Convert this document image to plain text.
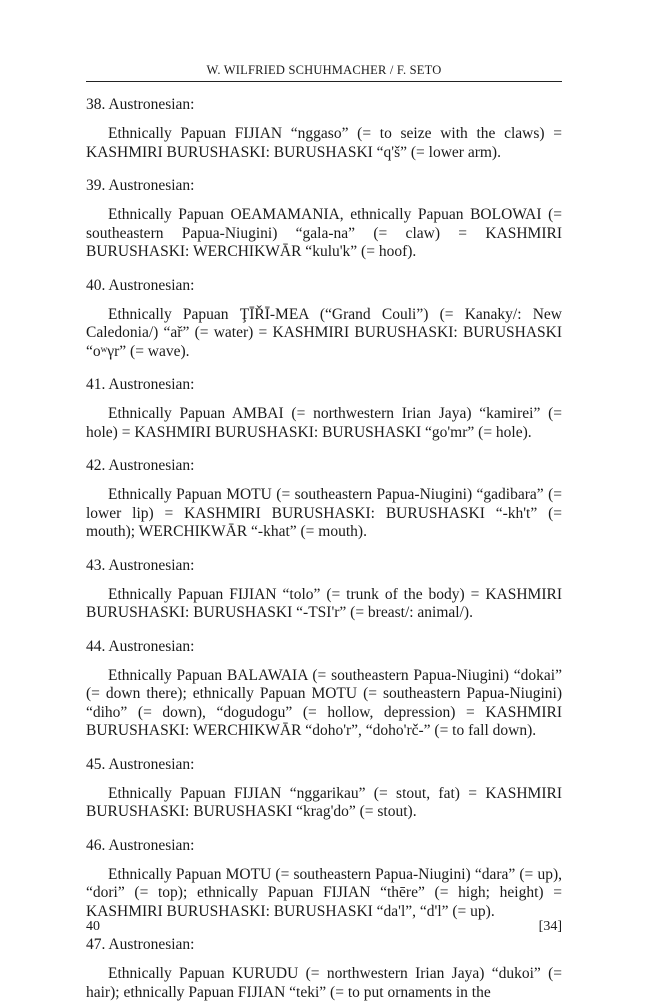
W. WILFRIED SCHUHMACHER / F. SETO
38. Austronesian:
Ethnically Papuan FIJIAN “nggaso” (= to seize with the claws) = KASHMIRI BURUSHASKI: BURUSHASKI “q'š” (= lower arm).
39. Austronesian:
Ethnically Papuan OEAMAMANIA, ethnically Papuan BOLOWAI (= southeastern Papua-Niugini) “gala-na” (= claw) = KASHMIRI BURUSHASKI: WERCHIKWĀR “kulu'k” (= hoof).
40. Austronesian:
Ethnically Papuan ŢĪŘĪ-MEA (“Grand Couli”) (= Kanaky/: New Caledonia/) “ař” (= water) = KASHMIRI BURUSHASKI: BURUSHASKI “oʷγr” (= wave).
41. Austronesian:
Ethnically Papuan AMBAI (= northwestern Irian Jaya) “kamirei” (= hole) = KASHMIRI BURUSHASKI: BURUSHASKI “go'mr” (= hole).
42. Austronesian:
Ethnically Papuan MOTU (= southeastern Papua-Niugini) “gadibara” (= lower lip) = KASHMIRI BURUSHASKI: BURUSHASKI “-kh't” (= mouth); WERCHIKWĀR “-khat” (= mouth).
43. Austronesian:
Ethnically Papuan FIJIAN “tolo” (= trunk of the body) = KASHMIRI BURUSHASKI: BURUSHASKI “-TSI'r” (= breast/: animal/).
44. Austronesian:
Ethnically Papuan BALAWAIA (= southeastern Papua-Niugini) “dokai” (= down there); ethnically Papuan MOTU (= southeastern Papua-Niugini) “diho” (= down), “dogudogu” (= hollow, depression) = KASHMIRI BURUSHASKI: WERCHIKWĀR “doho'r”, “doho'rč-” (= to fall down).
45. Austronesian:
Ethnically Papuan FIJIAN “nggarikau” (= stout, fat) = KASHMIRI BURUSHASKI: BURUSHASKI “krag'do” (= stout).
46. Austronesian:
Ethnically Papuan MOTU (= southeastern Papua-Niugini) “dara” (= up), “dori” (= top); ethnically Papuan FIJIAN “thēre” (= high; height) = KASHMIRI BURUSHASKI: BURUSHASKI “da'l”, “d'l” (= up).
47. Austronesian:
Ethnically Papuan KURUDU (= northwestern Irian Jaya) “dukoi” (= hair); ethnically Papuan FIJIAN “teki” (= to put ornaments in the
40	[34]
